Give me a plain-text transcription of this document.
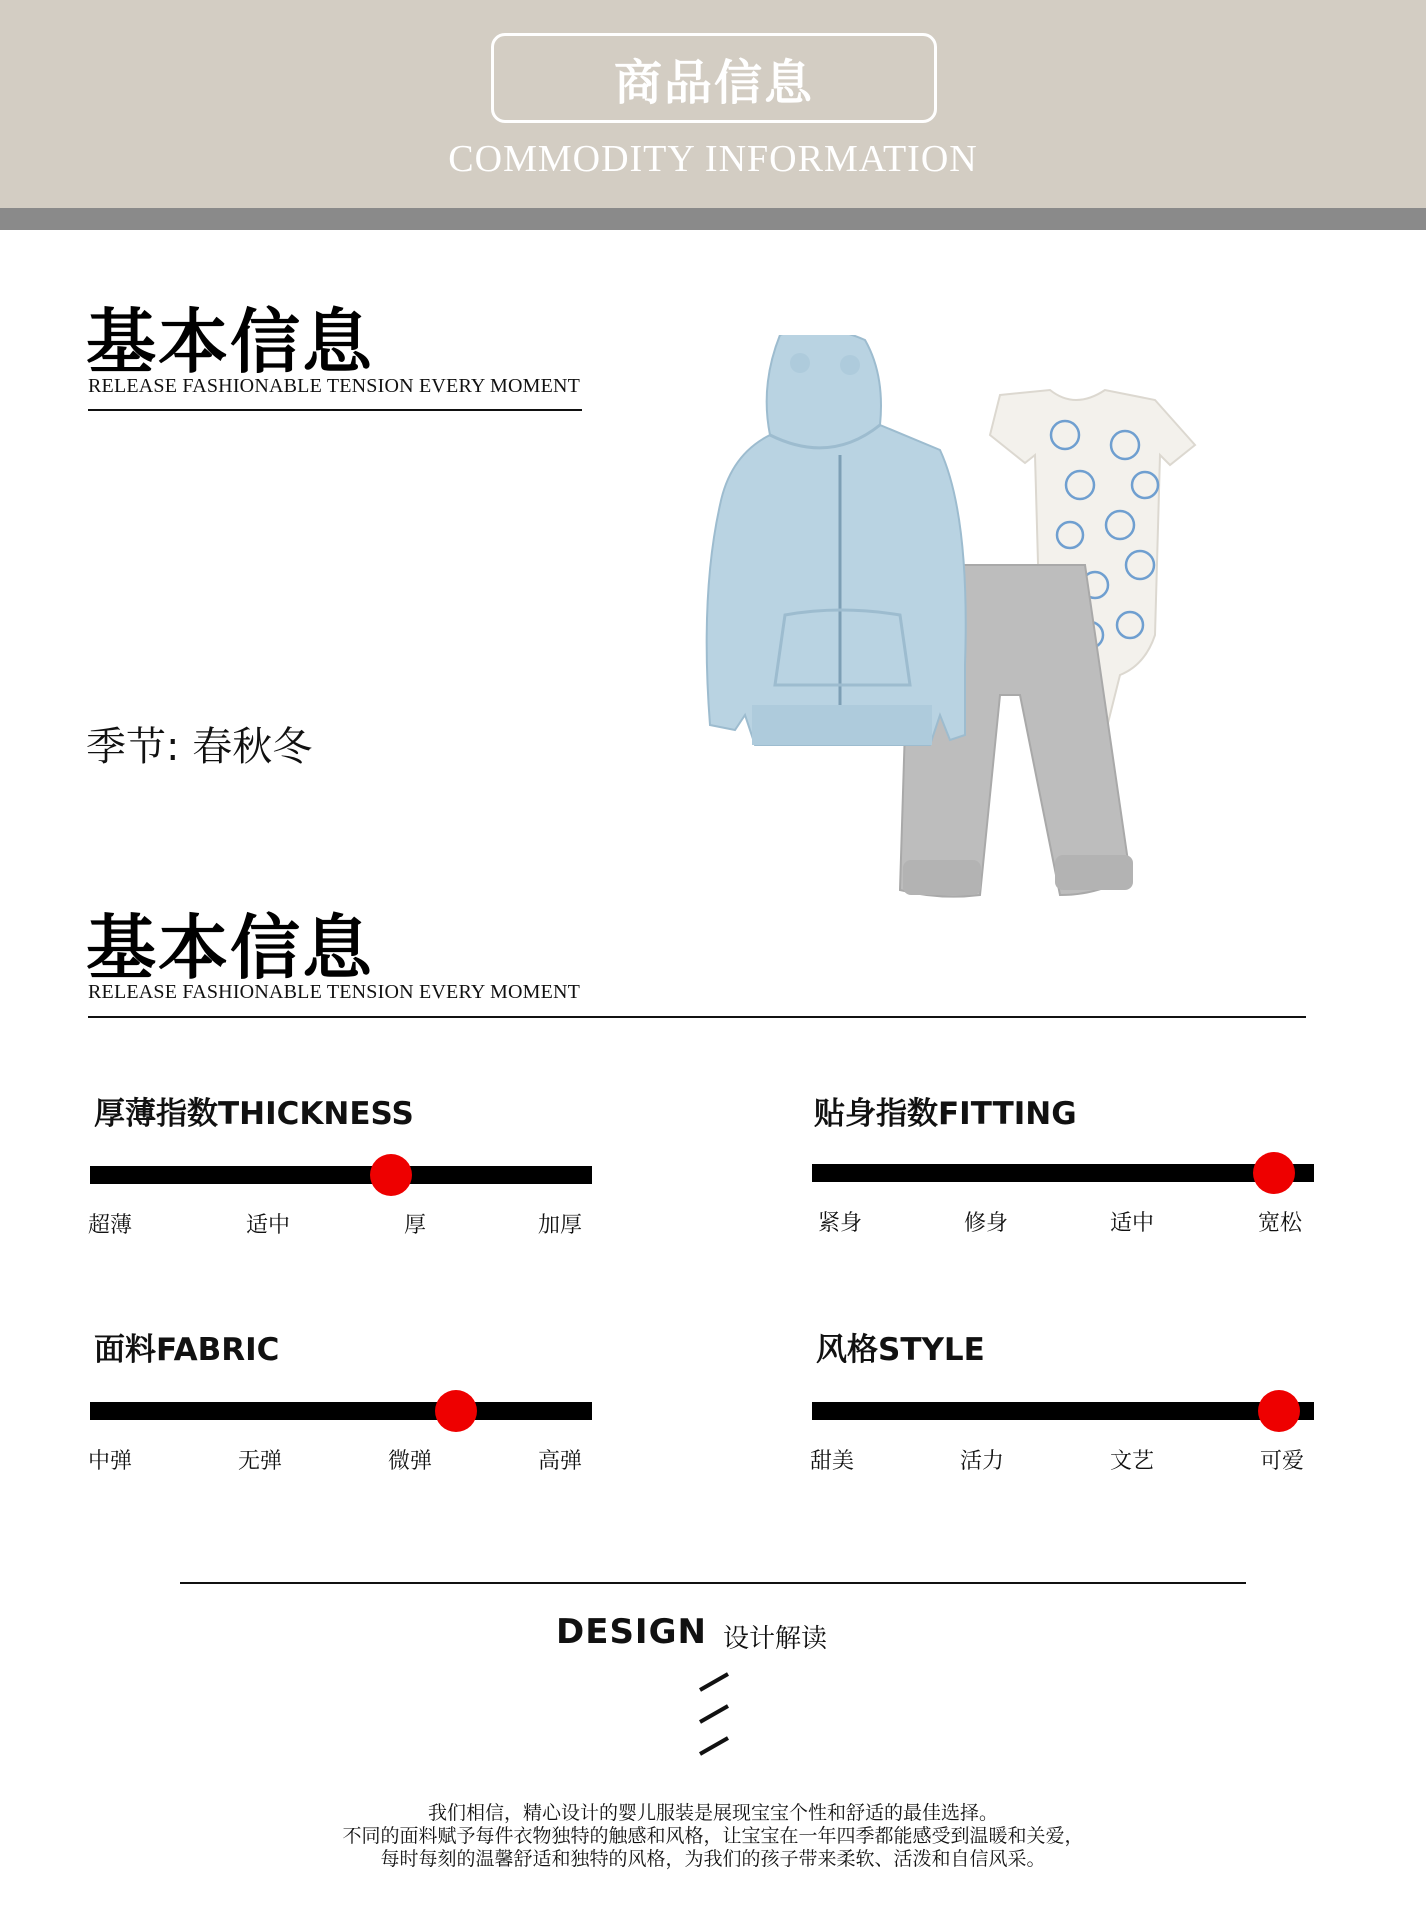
商品信息
COMMODITY INFORMATION
基本信息
RELEASE FASHIONABLE TENSION EVERY MOMENT
季节: 春秋冬
基本信息
RELEASE FASHIONABLE TENSION EVERY MOMENT
厚薄指数THICKNESS
超薄	适中	厚	加厚
贴身指数FITTING
紧身	修身	适中	宽松
面料FABRIC
中弹	无弹	微弹	高弹
风格STYLE
甜美	活力	文艺	可爱
DESIGN 设计解读
我们相信，精心设计的婴儿服装是展现宝宝个性和舒适的最佳选择。
不同的面料赋予每件衣物独特的触感和风格，让宝宝在一年四季都能感受到温暖和关爱，
每时每刻的温馨舒适和独特的风格，为我们的孩子带来柔软、活泼和自信风采。
